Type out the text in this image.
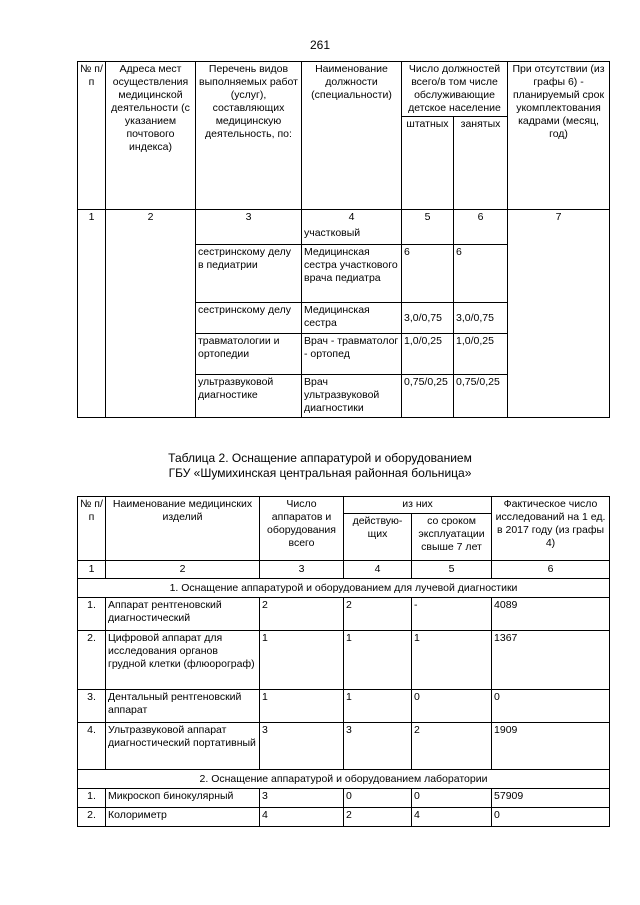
261
№ п/п	Адреса мест осуществления медицинской деятельности (с указанием почтового индекса)	Перечень видов выполняемых работ (услуг), составляющих медицинскую деятельность, по:	Наименование должности (специальности)	Число должностей всего/в том числе обслуживающие детское население		При отсутствии (из графы 6) - планируемый срок укомплектования кадрами (месяц, год)
				штатных	занятых	
1	2	3	4	5	6	7
			участковый			
		сестринскому делу в педиатрии	Медицинская сестра участкового врача педиатра	6	6	
		сестринскому делу	Медицинская сестра	3,0/0,75	3,0/0,75	
		травматологии и ортопедии	Врач - травматолог - ортопед	1,0/0,25	1,0/0,25	
		ультразвуковой диагностике	Врач ультразвуковой диагностики	0,75/0,25	0,75/0,25	
Таблица 2. Оснащение аппаратурой и оборудованием
ГБУ «Шумихинская центральная районная больница»
№ п/п	Наименование медицинских изделий	Число аппаратов и оборудования всего	из них		Фактическое число исследований на 1 ед. в 2017 году (из графы 4)
			действую-щих	со сроком эксплуатации свыше 7 лет	
1	2	3	4	5	6
1. Оснащение аппаратурой и оборудованием для лучевой диагностики					
1.	Аппарат рентгеновский диагностический	2	2	-	4089
2.	Цифровой аппарат для исследования органов грудной клетки (флюорограф)	1	1	1	1367
3.	Дентальный рентгеновский аппарат	1	1	0	0
4.	Ультразвуковой аппарат диагностический портативный	3	3	2	1909
2. Оснащение аппаратурой и оборудованием лаборатории					
1.	Микроскоп бинокулярный	3	0	0	57909
2.	Колориметр	4	2	4	0
